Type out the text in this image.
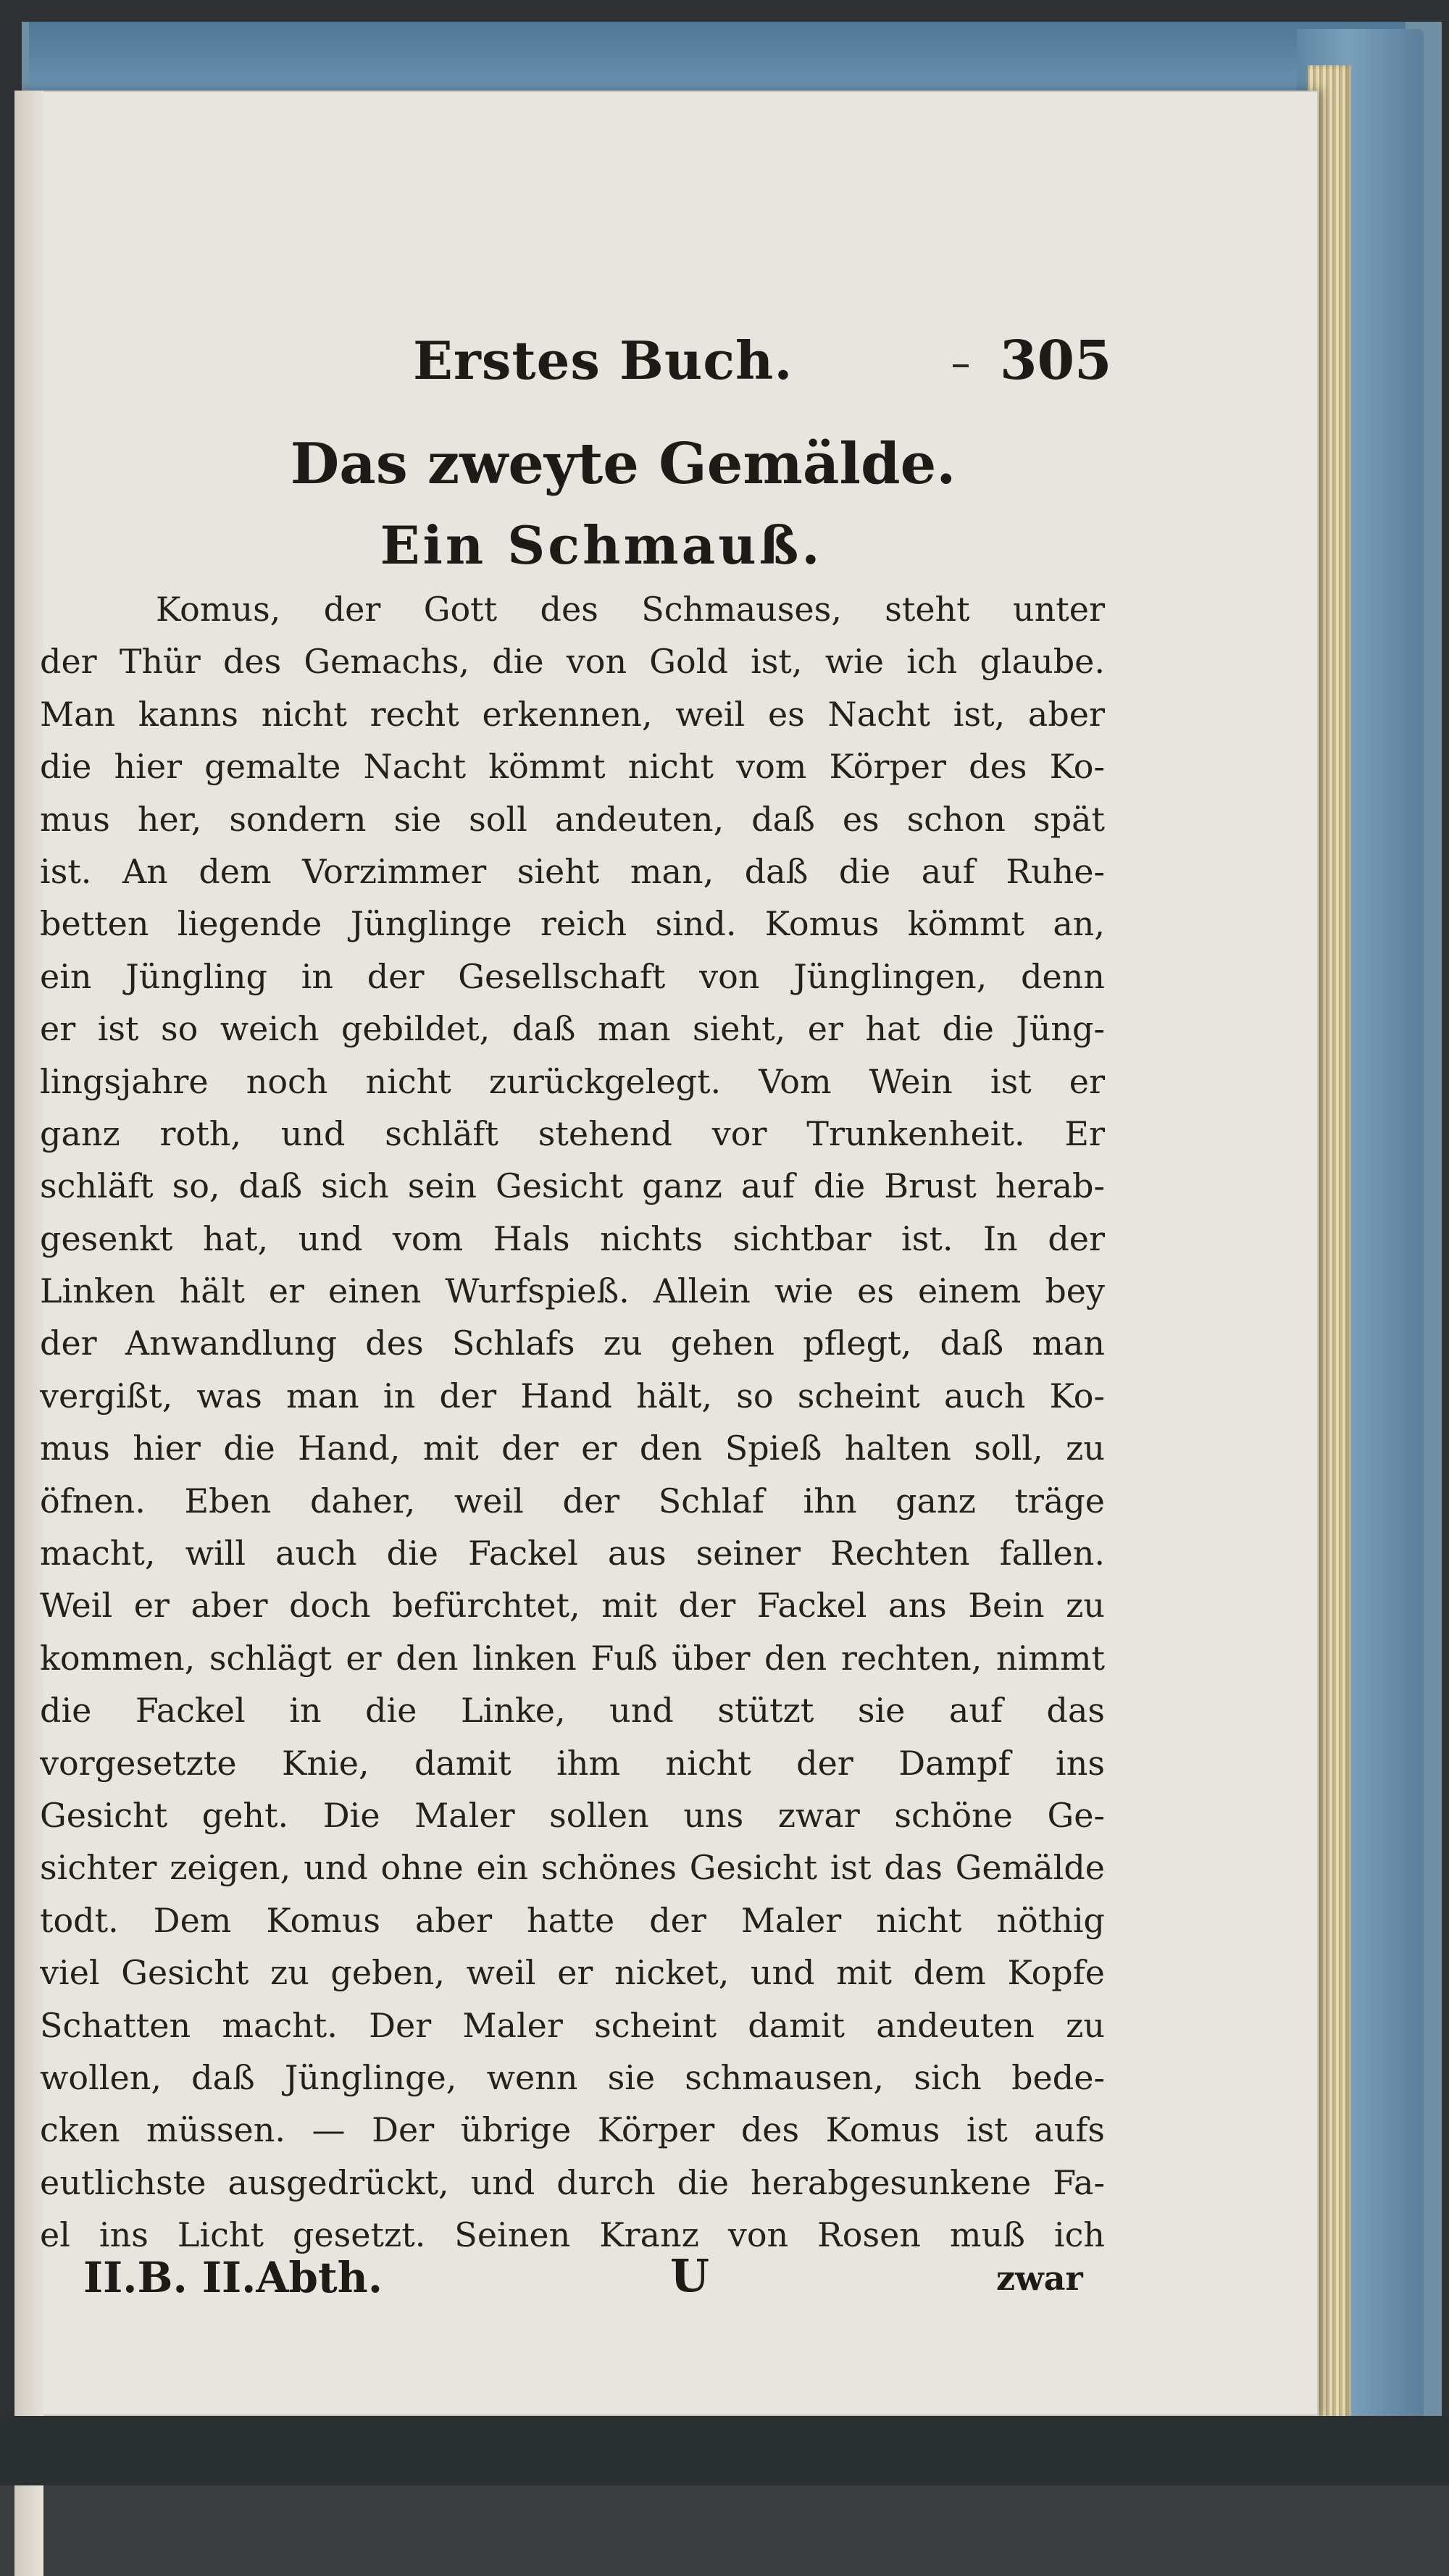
Erstes Buch.	305
Das zweyte Gemälde.
Ein Schmauß.
Komus, der Gott des Schmauses, steht unter
der Thür des Gemachs, die von Gold ist, wie ich glaube.
Man kanns nicht recht erkennen, weil es Nacht ist, aber
die hier gemalte Nacht kömmt nicht vom Körper des Ko-
mus her, sondern sie soll andeuten, daß es schon spät
ist. An dem Vorzimmer sieht man, daß die auf Ruhe-
betten liegende Jünglinge reich sind. Komus kömmt an,
ein Jüngling in der Gesellschaft von Jünglingen, denn
er ist so weich gebildet, daß man sieht, er hat die Jüng-
lingsjahre noch nicht zurückgelegt. Vom Wein ist er
ganz roth, und schläft stehend vor Trunkenheit. Er
schläft so, daß sich sein Gesicht ganz auf die Brust herab-
gesenkt hat, und vom Hals nichts sichtbar ist. In der
Linken hält er einen Wurfspieß. Allein wie es einem bey
der Anwandlung des Schlafs zu gehen pflegt, daß man
vergißt, was man in der Hand hält, so scheint auch Ko-
mus hier die Hand, mit der er den Spieß halten soll, zu
öfnen. Eben daher, weil der Schlaf ihn ganz träge
macht, will auch die Fackel aus seiner Rechten fallen.
Weil er aber doch befürchtet, mit der Fackel ans Bein zu
kommen, schlägt er den linken Fuß über den rechten, nimmt
die Fackel in die Linke, und stützt sie auf das
vorgesetzte Knie, damit ihm nicht der Dampf ins
Gesicht geht. Die Maler sollen uns zwar schöne Ge-
sichter zeigen, und ohne ein schönes Gesicht ist das Gemälde
todt. Dem Komus aber hatte der Maler nicht nöthig
viel Gesicht zu geben, weil er nicket, und mit dem Kopfe
Schatten macht. Der Maler scheint damit andeuten zu
wollen, daß Jünglinge, wenn sie schmausen, sich bede-
cken müssen. — Der übrige Körper des Komus ist aufs
eutlichste ausgedrückt, und durch die herabgesunkene Fa-
el ins Licht gesetzt. Seinen Kranz von Rosen muß ich
II.B. II.Abth.	U	zwar
